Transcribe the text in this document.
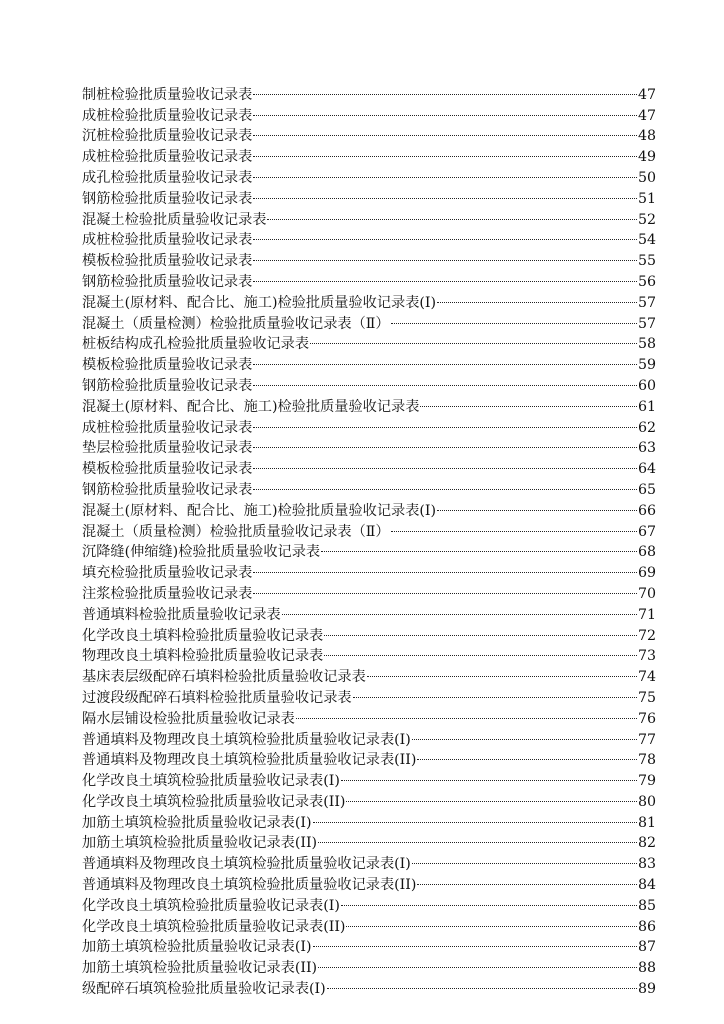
制桩检验批质量验收记录表	47
成桩检验批质量验收记录表	47
沉桩检验批质量验收记录表	48
成桩检验批质量验收记录表	49
成孔检验批质量验收记录表	50
钢筋检验批质量验收记录表	51
混凝土检验批质量验收记录表	52
成桩检验批质量验收记录表	54
模板检验批质量验收记录表	55
钢筋检验批质量验收记录表	56
混凝土(原材料、配合比、施工)检验批质量验收记录表(I)	57
混凝土（质量检测）检验批质量验收记录表（Ⅱ）	57
桩板结构成孔检验批质量验收记录表	58
模板检验批质量验收记录表	59
钢筋检验批质量验收记录表	60
混凝土(原材料、配合比、施工)检验批质量验收记录表	61
成桩检验批质量验收记录表	62
垫层检验批质量验收记录表	63
模板检验批质量验收记录表	64
钢筋检验批质量验收记录表	65
混凝土(原材料、配合比、施工)检验批质量验收记录表(I)	66
混凝土（质量检测）检验批质量验收记录表（Ⅱ）	67
沉降缝(伸缩缝)检验批质量验收记录表	68
填充检验批质量验收记录表	69
注浆检验批质量验收记录表	70
普通填料检验批质量验收记录表	71
化学改良土填料检验批质量验收记录表	72
物理改良土填料检验批质量验收记录表	73
基床表层级配碎石填料检验批质量验收记录表	74
过渡段级配碎石填料检验批质量验收记录表	75
隔水层铺设检验批质量验收记录表	76
普通填料及物理改良土填筑检验批质量验收记录表(I)	77
普通填料及物理改良土填筑检验批质量验收记录表(II)	78
化学改良土填筑检验批质量验收记录表(I)	79
化学改良土填筑检验批质量验收记录表(II)	80
加筋土填筑检验批质量验收记录表(I)	81
加筋土填筑检验批质量验收记录表(II)	82
普通填料及物理改良土填筑检验批质量验收记录表(I)	83
普通填料及物理改良土填筑检验批质量验收记录表(II)	84
化学改良土填筑检验批质量验收记录表(I)	85
化学改良土填筑检验批质量验收记录表(II)	86
加筋土填筑检验批质量验收记录表(I)	87
加筋土填筑检验批质量验收记录表(II)	88
级配碎石填筑检验批质量验收记录表(I)	89
